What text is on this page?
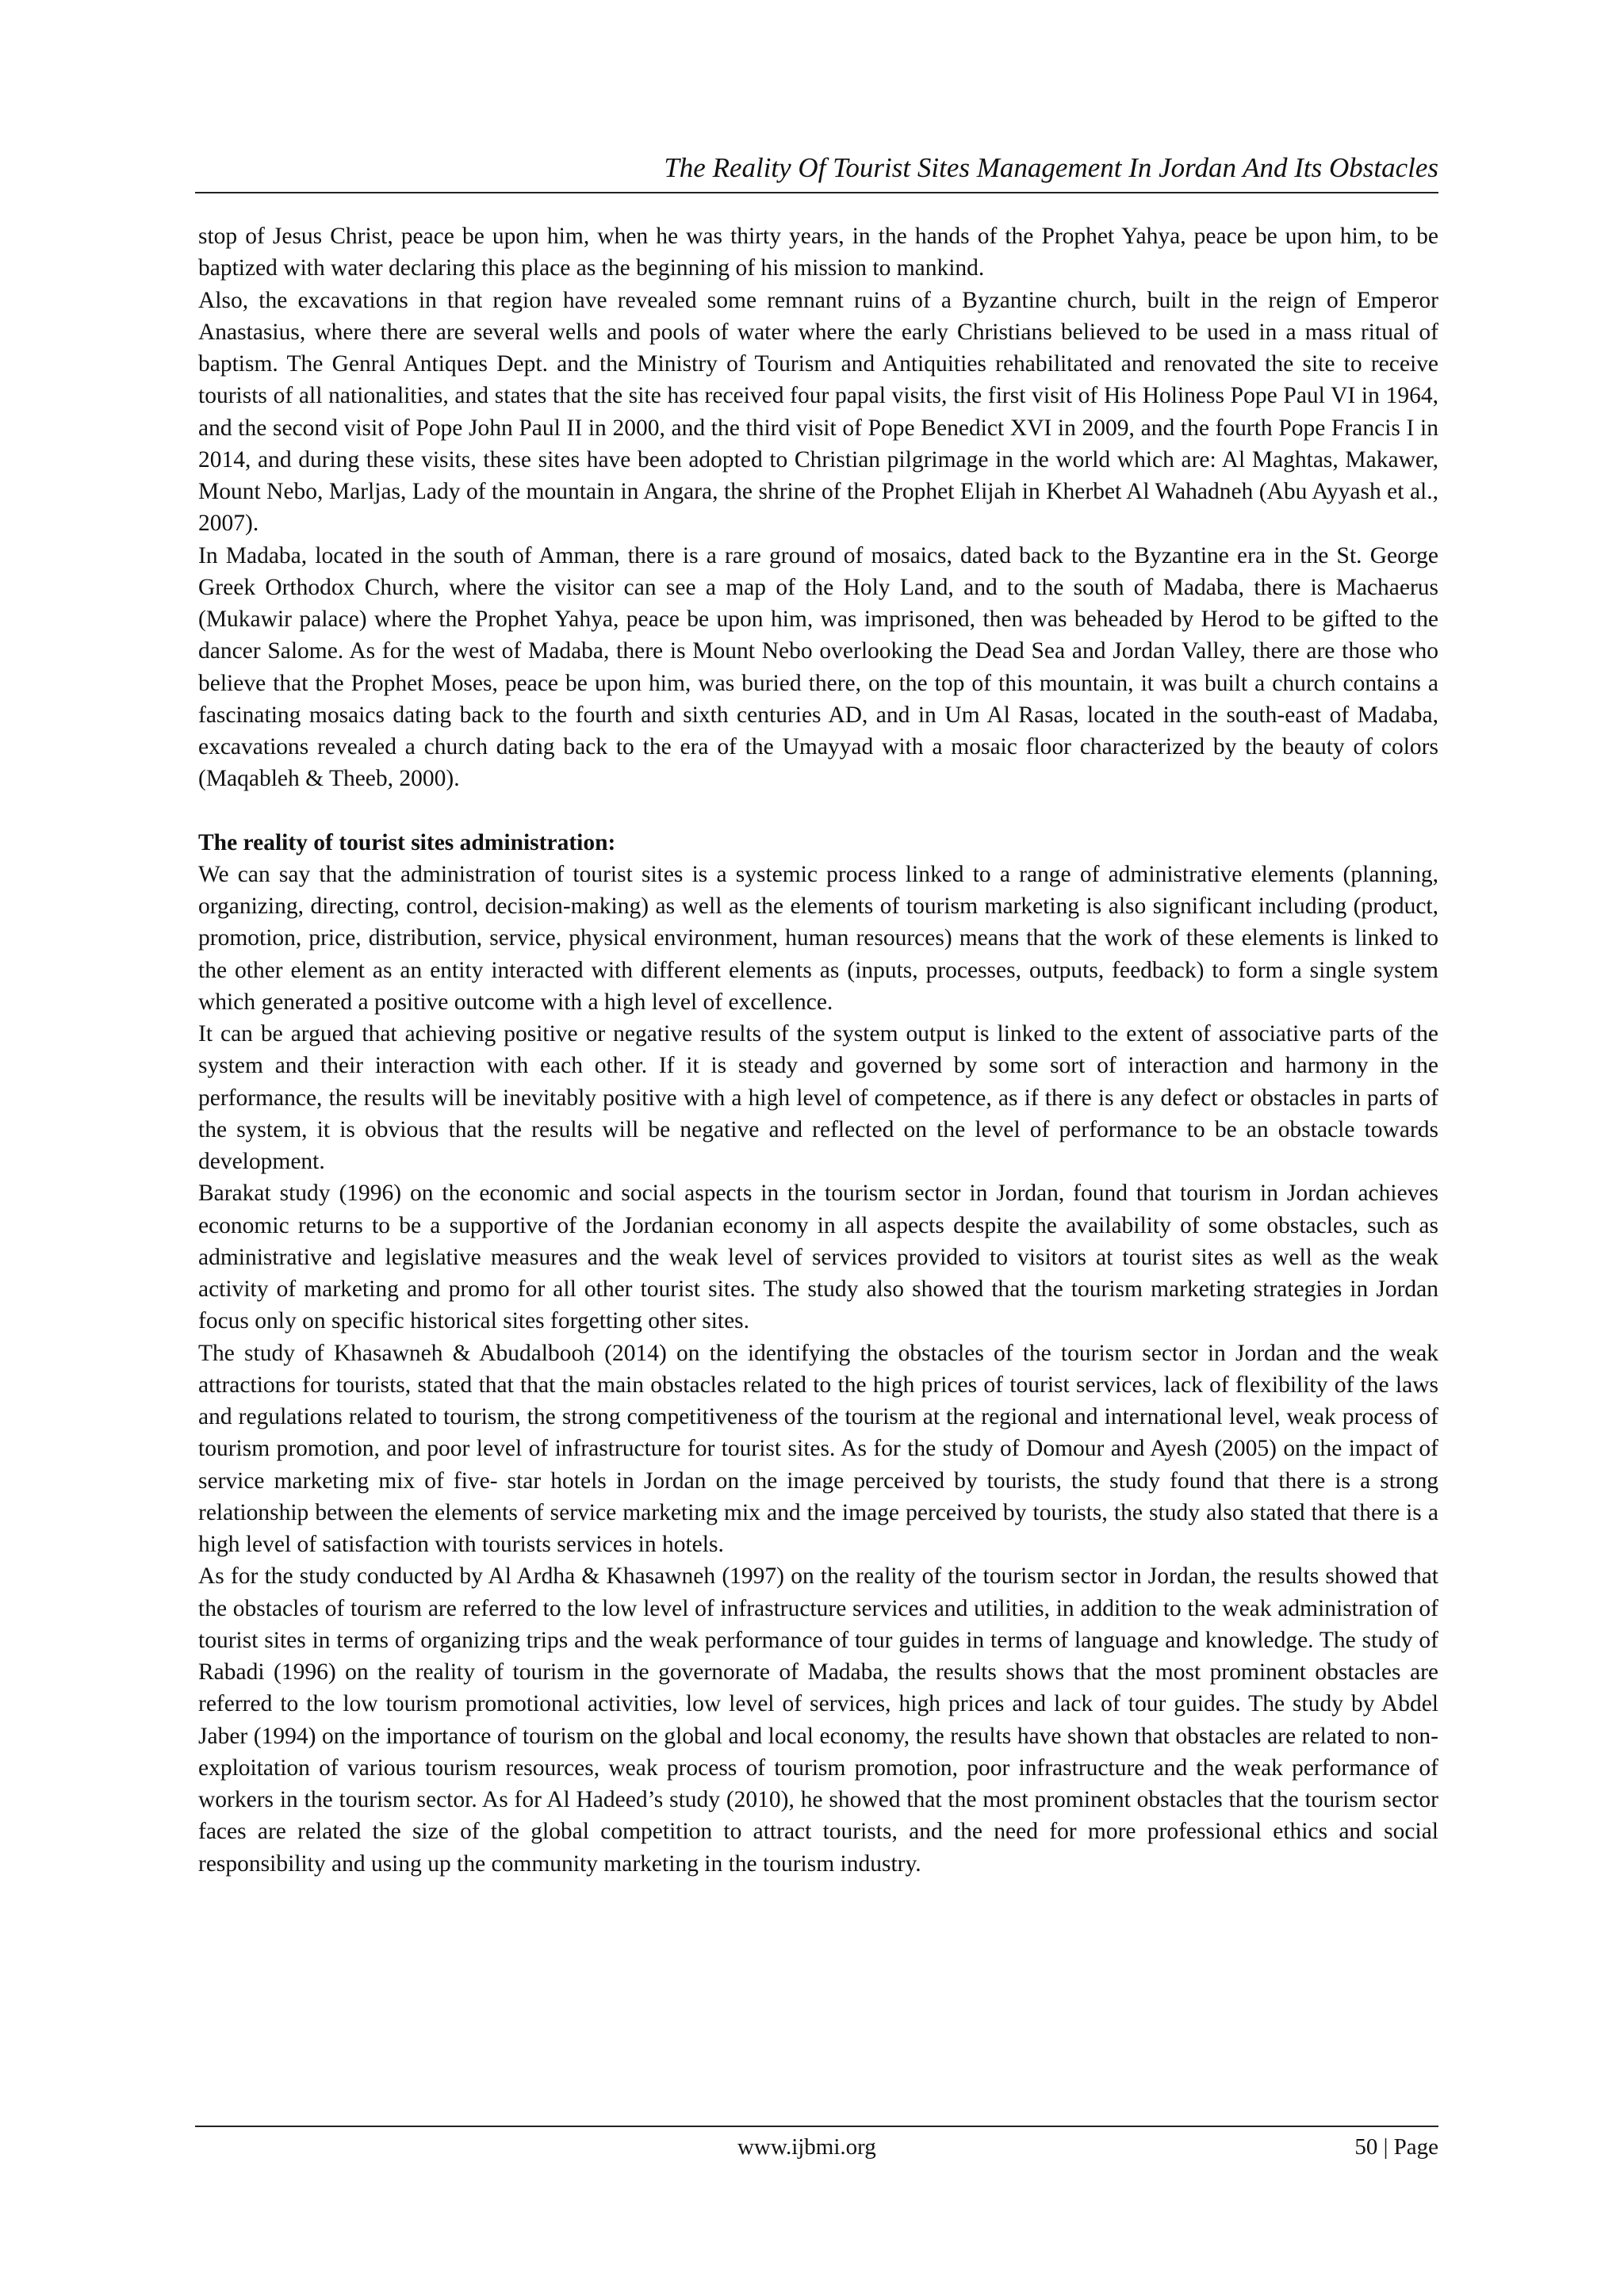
The Reality Of Tourist Sites Management In Jordan And Its Obstacles

stop of Jesus Christ, peace be upon him, when he was thirty years, in the hands of the Prophet Yahya, peace be upon him, to be baptized with water declaring this place as the beginning of his mission to mankind.

Also, the excavations in that region have revealed some remnant ruins of a Byzantine church, built in the reign of Emperor Anastasius, where there are several wells and pools of water where the early Christians believed to be used in a mass ritual of baptism. The Genral Antiques Dept. and the Ministry of Tourism and Antiquities rehabilitated and renovated the site to receive tourists of all nationalities, and states that the site has received four papal visits, the first visit of His Holiness Pope Paul VI in 1964, and the second visit of Pope John Paul II in 2000, and the third visit of Pope Benedict XVI in 2009, and the fourth Pope Francis I in 2014, and during these visits, these sites have been adopted to Christian pilgrimage in the world which are: Al Maghtas, Makawer, Mount Nebo, Marljas, Lady of the mountain in Angara, the shrine of the Prophet Elijah in Kherbet Al Wahadneh (Abu Ayyash et al., 2007).

In Madaba, located in the south of Amman, there is a rare ground of mosaics, dated back to the Byzantine era in the St. George Greek Orthodox Church, where the visitor can see a map of the Holy Land, and to the south of Madaba, there is Machaerus (Mukawir palace) where the Prophet Yahya, peace be upon him, was imprisoned, then was beheaded by Herod to be gifted to the dancer Salome. As for the west of Madaba, there is Mount Nebo overlooking the Dead Sea and Jordan Valley, there are those who believe that the Prophet Moses, peace be upon him, was buried there, on the top of this mountain, it was built a church contains a fascinating mosaics dating back to the fourth and sixth centuries AD, and in Um Al Rasas, located in the south-east of Madaba, excavations revealed a church dating back to the era of the Umayyad with a mosaic floor characterized by the beauty of colors (Maqableh & Theeb, 2000).

The reality of tourist sites administration:

We can say that the administration of tourist sites is a systemic process linked to a range of administrative elements (planning, organizing, directing, control, decision-making) as well as the elements of tourism marketing is also significant including (product, promotion, price, distribution, service, physical environment, human resources) means that the work of these elements is linked to the other element as an entity interacted with different elements as (inputs, processes, outputs, feedback) to form a single system which generated a positive outcome with a high level of excellence.

It can be argued that achieving positive or negative results of the system output is linked to the extent of associative parts of the system and their interaction with each other. If it is steady and governed by some sort of interaction and harmony in the performance, the results will be inevitably positive with a high level of competence, as if there is any defect or obstacles in parts of the system, it is obvious that the results will be negative and reflected on the level of performance to be an obstacle towards development.

Barakat study (1996) on the economic and social aspects in the tourism sector in Jordan, found that tourism in Jordan achieves economic returns to be a supportive of the Jordanian economy in all aspects despite the availability of some obstacles, such as administrative and legislative measures and the weak level of services provided to visitors at tourist sites as well as the weak activity of marketing and promo for all other tourist sites. The study also showed that the tourism marketing strategies in Jordan focus only on specific historical sites forgetting other sites.

The study of Khasawneh & Abudalbooh (2014) on the identifying the obstacles of the tourism sector in Jordan and the weak attractions for tourists, stated that that the main obstacles related to the high prices of tourist services, lack of flexibility of the laws and regulations related to tourism, the strong competitiveness of the tourism at the regional and international level, weak process of tourism promotion, and poor level of infrastructure for tourist sites. As for the study of Domour and Ayesh (2005) on the impact of service marketing mix of five- star hotels in Jordan on the image perceived by tourists, the study found that there is a strong relationship between the elements of service marketing mix and the image perceived by tourists, the study also stated that there is a high level of satisfaction with tourists services in hotels.

As for the study conducted by Al Ardha & Khasawneh (1997) on the reality of the tourism sector in Jordan, the results showed that the obstacles of tourism are referred to the low level of infrastructure services and utilities, in addition to the weak administration of tourist sites in terms of organizing trips and the weak performance of tour guides in terms of language and knowledge. The study of Rabadi (1996) on the reality of tourism in the governorate of Madaba, the results shows that the most prominent obstacles are referred to the low tourism promotional activities, low level of services, high prices and lack of tour guides. The study by Abdel Jaber (1994) on the importance of tourism on the global and local economy, the results have shown that obstacles are related to non-exploitation of various tourism resources, weak process of tourism promotion, poor infrastructure and the weak performance of workers in the tourism sector. As for Al Hadeed’s study (2010), he showed that the most prominent obstacles that the tourism sector faces are related the size of the global competition to attract tourists, and the need for more professional ethics and social responsibility and using up the community marketing in the tourism industry.

www.ijbmi.org	50 | Page
